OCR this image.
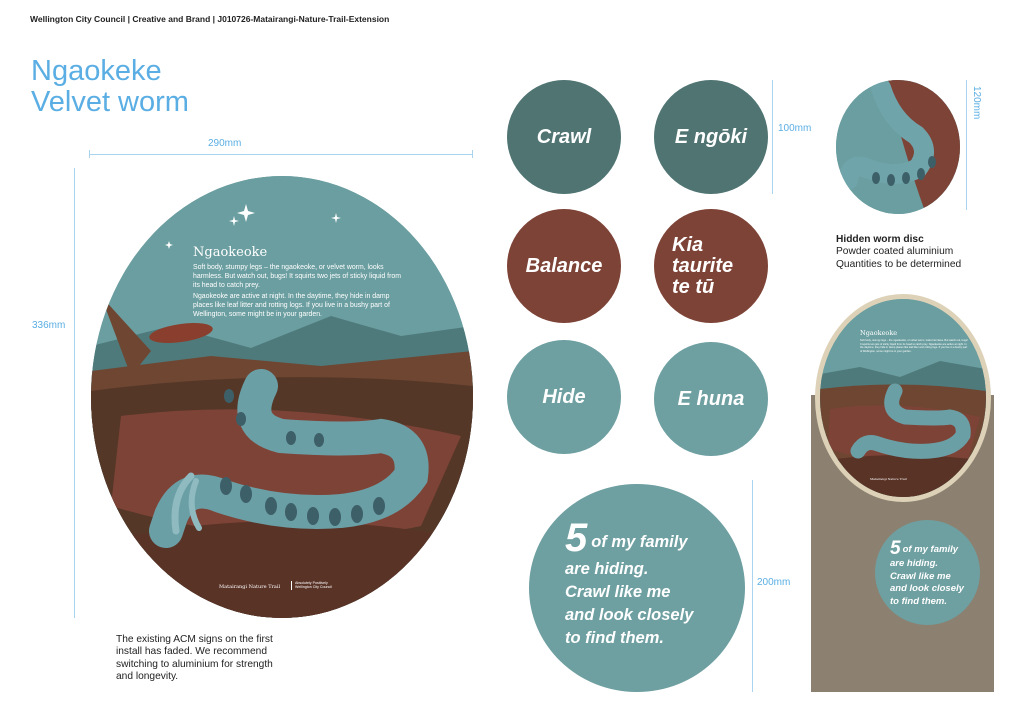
Wellington City Council | Creative and Brand | J010726-Matairangi-Nature-Trail-Extension
Ngaokeke
Velvet worm
290mm
336mm
Ngaokeoke
Soft body, stumpy legs – the ngaokeoke, or velvet worm, looks harmless. But watch out, bugs! It squirts two jets of sticky liquid from its head to catch prey.
Ngaokeoke are active at night. In the daytime, they hide in damp places like leaf litter and rotting logs. If you live in a bushy part of Wellington, some might be in your garden.
Matairangi Nature Trail
Absolutely Positively Wellington City Council
The existing ACM signs on the first
install has faded. We recommend
switching to aluminium for strength
and longevity.
Crawl	E ngōki
Balance
Kia
taurite
te tū
Hide	E huna
100mm
5 of my family
are hiding.
Crawl like me
and look closely
to find them.
200mm
120mm
Hidden worm disc
Powder coated aluminium
Quantities to be determined
Ngaokeoke
Soft body, stumpy legs – the ngaokeoke, or velvet worm, looks harmless. But watch out, bugs! It squirts two jets of sticky liquid from its head to catch prey. Ngaokeoke are active at night. In the daytime, they hide in damp places like leaf litter and rotting logs. If you live in a bushy part of Wellington, some might be in your garden.
Matairangi Nature Trail
5 of my family
are hiding.
Crawl like me
and look closely
to find them.
